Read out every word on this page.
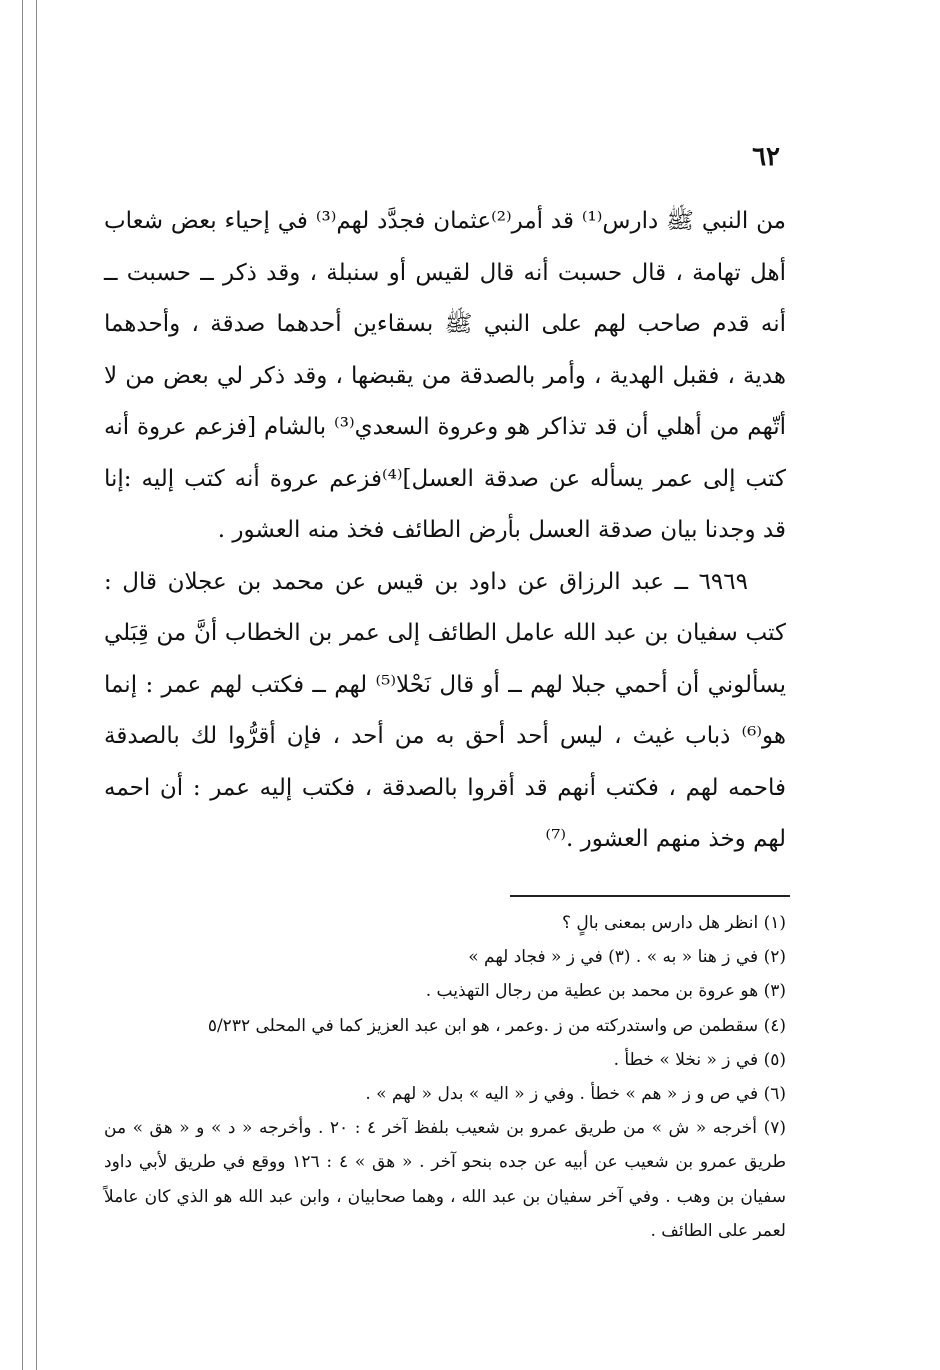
٦٢

من النبي ﷺ دارس⁽¹⁾ قد أمر⁽²⁾عثمان فجدَّد لهم⁽³⁾ في إحياء بعض شعاب أهل تهامة ، قال حسبت أنه قال لقيس أو سنبلة ، وقد ذكر ــ حسبت ــ أنه قدم صاحب لهم على النبي ﷺ بسقاءين أحدهما صدقة ، وأحدهما هدية ، فقبل الهدية ، وأمر بالصدقة من يقبضها ، وقد ذكر لي بعض من لا أتّهم من أهلي أن قد تذاكر هو وعروة السعدي⁽³⁾ بالشام [فزعم عروة أنه كتب إلى عمر يسأله عن صدقة العسل]⁽⁴⁾فزعم عروة أنه كتب إليه :إنا قد وجدنا بيان صدقة العسل بأرض الطائف فخذ منه العشور .

٦٩٦٩ ــ عبد الرزاق عن داود بن قيس عن محمد بن عجلان قال : كتب سفيان بن عبد الله عامل الطائف إلى عمر بن الخطاب أنَّ من قِبَلي يسألوني أن أحمي جبلا لهم ــ أو قال نَحْلا⁽⁵⁾ لهم ــ فكتب لهم عمر : إنما هو⁽⁶⁾ ذباب غيث ، ليس أحد أحق به من أحد ، فإن أقرُّوا لك بالصدقة فاحمه لهم ، فكتب أنهم قد أقروا بالصدقة ، فكتب إليه عمر : أن احمه لهم وخذ منهم العشور .⁽⁷⁾

(١) انظر هل دارس بمعنى بالٍ ؟

(٢) في ز هنا « به » . (٣) في ز « فجاد لهم »

(٣) هو عروة بن محمد بن عطية من رجال التهذيب .

(٤) سقطمن ص واستدركته من ز .وعمر ، هو ابن عبد العزيز كما في المحلى ٥/٢٣٢

(٥) في ز « نخلا » خطأ .

(٦) في ص و ز « هم » خطأ . وفي ز « اليه » بدل « لهم » .

(٧) أخرجه « ش » من طريق عمرو بن شعيب بلفظ آخر ٤ : ٢٠ . وأخرجه « د » و « هق » من طريق عمرو بن شعيب عن أبيه عن جده بنحو آخر . « هق » ٤ : ١٢٦ ووقع في طريق لأبي داود سفيان بن وهب . وفي آخر سفيان بن عبد الله ، وهما صحابيان ، وابن عبد الله هو الذي كان عاملاً لعمر على الطائف .
